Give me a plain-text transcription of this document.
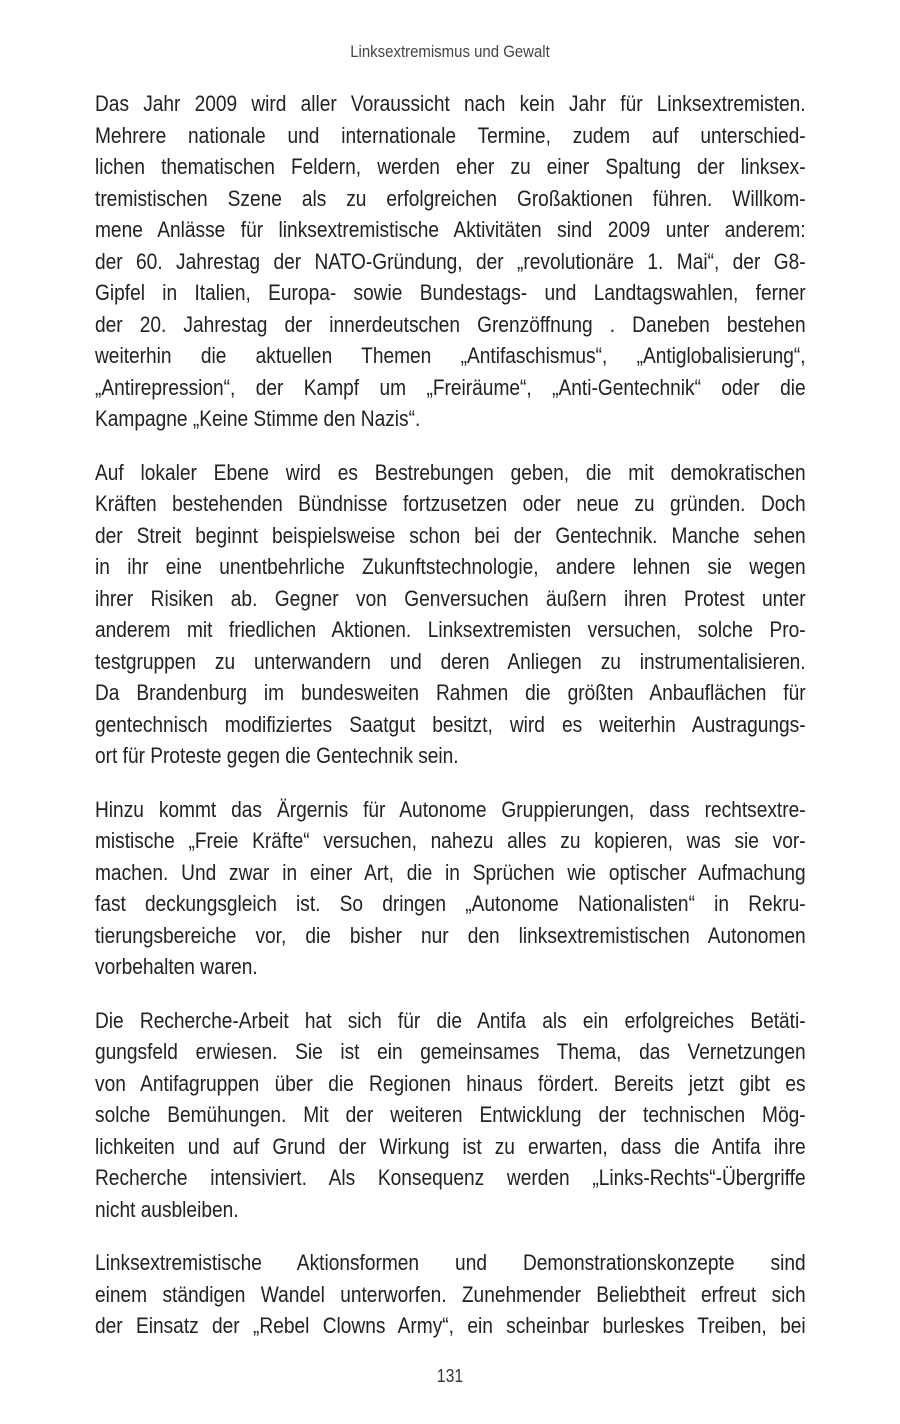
Linksextremismus und Gewalt
Das Jahr 2009 wird aller Voraussicht nach kein Jahr für Linksextremisten.
Mehrere nationale und internationale Termine, zudem auf unterschied-
lichen thematischen Feldern, werden eher zu einer Spaltung der linksex-
tremistischen Szene als zu erfolgreichen Großaktionen führen. Willkom-
mene Anlässe für linksextremistische Aktivitäten sind 2009 unter anderem:
der 60. Jahrestag der NATO-Gründung, der „revolutionäre 1. Mai“, der G8-
Gipfel in Italien, Europa- sowie Bundestags- und Landtagswahlen, ferner
der 20. Jahrestag der innerdeutschen Grenzöffnung . Daneben bestehen
weiterhin die aktuellen Themen „Antifaschismus“, „Antiglobalisierung“,
„Antirepression“, der Kampf um „Freiräume“, „Anti-Gentechnik“ oder die
Kampagne „Keine Stimme den Nazis“.
Auf lokaler Ebene wird es Bestrebungen geben, die mit demokratischen
Kräften bestehenden Bündnisse fortzusetzen oder neue zu gründen. Doch
der Streit beginnt beispielsweise schon bei der Gentechnik. Manche sehen
in ihr eine unentbehrliche Zukunftstechnologie, andere lehnen sie wegen
ihrer Risiken ab. Gegner von Genversuchen äußern ihren Protest unter
anderem mit friedlichen Aktionen. Linksextremisten versuchen, solche Pro-
testgruppen zu unterwandern und deren Anliegen zu instrumentalisieren.
Da Brandenburg im bundesweiten Rahmen die größten Anbauflächen für
gentechnisch modifiziertes Saatgut besitzt, wird es weiterhin Austragungs-
ort für Proteste gegen die Gentechnik sein.
Hinzu kommt das Ärgernis für Autonome Gruppierungen, dass rechtsextre-
mistische „Freie Kräfte“ versuchen, nahezu alles zu kopieren, was sie vor-
machen. Und zwar in einer Art, die in Sprüchen wie optischer Aufmachung
fast deckungsgleich ist. So dringen „Autonome Nationalisten“ in Rekru-
tierungsbereiche vor, die bisher nur den linksextremistischen Autonomen
vorbehalten waren.
Die Recherche-Arbeit hat sich für die Antifa als ein erfolgreiches Betäti-
gungsfeld erwiesen. Sie ist ein gemeinsames Thema, das Vernetzungen
von Antifagruppen über die Regionen hinaus fördert. Bereits jetzt gibt es
solche Bemühungen. Mit der weiteren Entwicklung der technischen Mög-
lichkeiten und auf Grund der Wirkung ist zu erwarten, dass die Antifa ihre
Recherche intensiviert. Als Konsequenz werden „Links-Rechts“-Übergriffe
nicht ausbleiben.
Linksextremistische Aktionsformen und Demonstrationskonzepte sind
einem ständigen Wandel unterworfen. Zunehmender Beliebtheit erfreut sich
der Einsatz der „Rebel Clowns Army“, ein scheinbar burleskes Treiben, bei
131
